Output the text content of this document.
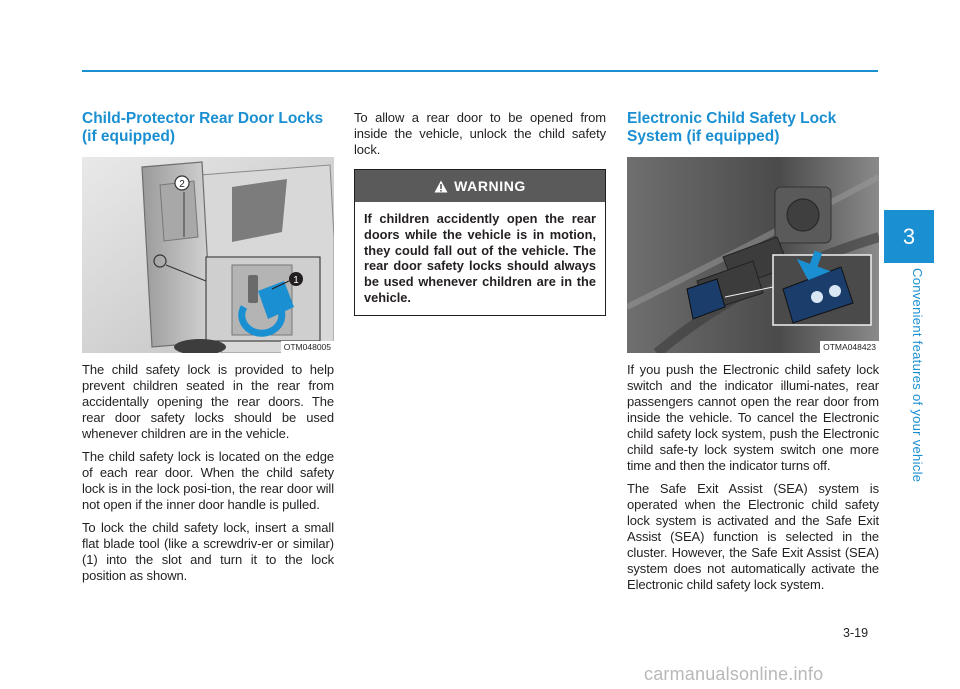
Child-Protector Rear Door Locks (if equipped)
2
1
OTM048005

The child safety lock is provided to help prevent children seated in the rear from accidentally opening the rear doors. The rear door safety locks should be used whenever children are in the vehicle.

The child safety lock is located on the edge of each rear door. When the child safety lock is in the lock posi-tion, the rear door will not open if the inner door handle is pulled.

To lock the child safety lock, insert a small flat blade tool (like a screwdriv-er or similar) (1) into the slot and turn it to the lock position as shown.

To allow a rear door to be opened from inside the vehicle, unlock the child safety lock.

WARNING
If children accidently open the rear doors while the vehicle is in motion, they could fall out of the vehicle. The rear door safety locks should always be used whenever children are in the vehicle.
Electronic Child Safety Lock System (if equipped)
OTMA048423

If you push the Electronic child safety lock switch and the indicator illumi-nates, rear passengers cannot open the rear door from inside the vehicle. To cancel the Electronic child safety lock system, push the Electronic child safe-ty lock system switch one more time and then the indicator turns off.

The Safe Exit Assist (SEA) system is operated when the Electronic child safety lock system is activated and the Safe Exit Assist (SEA) function is selected in the cluster. However, the Safe Exit Assist (SEA) system does not automatically activate the Electronic child safety lock system.

3
Convenient features of your vehicle
3-19
carmanualsonline.info
